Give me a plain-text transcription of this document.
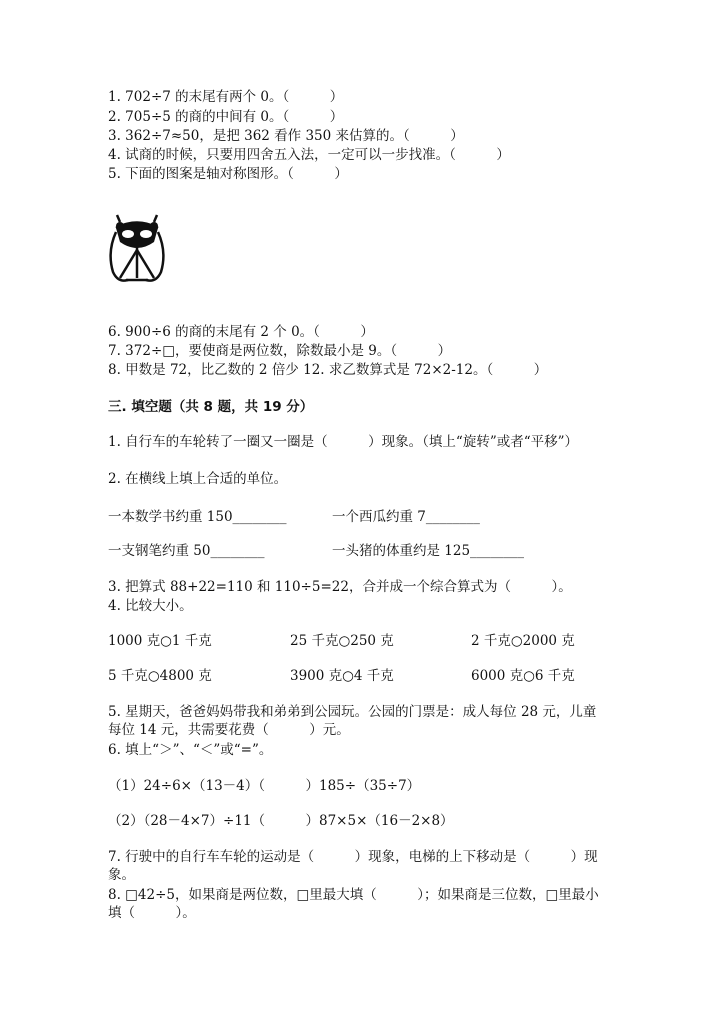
1. 702÷7 的末尾有两个 0。（　　　）
2. 705÷5 的商的中间有 0。（　　　）
3. 362÷7≈50，是把 362 看作 350 来估算的。（　　　）
4. 试商的时候，只要用四舍五入法，一定可以一步找准。（　　　）
5. 下面的图案是轴对称图形。（　　　）
6. 900÷6 的商的末尾有 2 个 0。（　　　）
7. 372÷□，要使商是两位数，除数最小是 9。（　　　）
8. 甲数是 72，比乙数的 2 倍少 12. 求乙数算式是 72×2-12。（　　　）
三. 填空题（共 8 题，共 19 分）
1. 自行车的车轮转了一圈又一圈是（　　　）现象。（填上“旋转”或者“平移”）
2. 在横线上填上合适的单位。
一本数学书约重 150________	一个西瓜约重 7________
一支钢笔约重 50________	一头猪的体重约是 125________
3. 把算式 88+22=110 和 110÷5=22，合并成一个综合算式为（　　　）。
4. 比较大小。
1000 克○1 千克	25 千克○250 克	2 千克○2000 克
5 千克○4800 克	3900 克○4 千克	6000 克○6 千克
5. 星期天，爸爸妈妈带我和弟弟到公园玩。公园的门票是：成人每位 28 元，儿童每位 14 元，共需要花费（　　　）元。
6. 填上“＞”、“＜”或“=”。
（1）24÷6×（13－4）（　　　）185÷（35÷7）
（2）（28－4×7）÷11（　　　）87×5×（16－2×8）
7. 行驶中的自行车车轮的运动是（　　　）现象，电梯的上下移动是（　　　）现象。
8. □42÷5，如果商是两位数，□里最大填（　　　）；如果商是三位数，□里最小填（　　　）。
